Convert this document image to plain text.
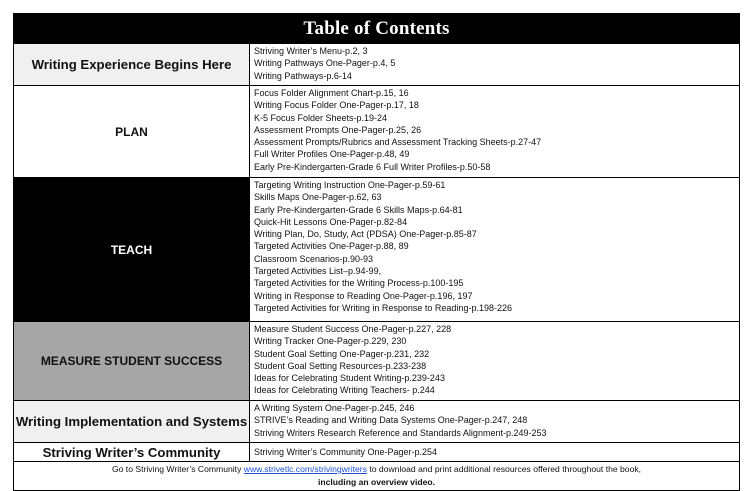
Table of Contents
Writing Experience Begins Here
Striving Writer’s Menu-p.2, 3
Writing Pathways One-Pager-p.4, 5
Writing Pathways-p.6-14
PLAN
Focus Folder Alignment Chart-p.15, 16
Writing Focus Folder One-Pager-p.17, 18
K-5 Focus Folder Sheets-p.19-24
Assessment Prompts One-Pager-p.25, 26
Assessment Prompts/Rubrics and Assessment Tracking Sheets-p.27-47
Full Writer Profiles One-Pager-p.48, 49
Early Pre-Kindergarten-Grade 6 Full Writer Profiles-p.50-58
TEACH
Targeting Writing Instruction One-Pager-p.59-61
Skills Maps One-Pager-p.62, 63
Early Pre-Kindergarten-Grade 6 Skills Maps-p.64-81
Quick-Hit Lessons One-Pager-p.82-84
Writing Plan, Do, Study, Act (PDSA) One-Pager-p.85-87
Targeted Activities One-Pager-p.88, 89
Classroom Scenarios-p.90-93
Targeted Activities List–p.94-99,
Targeted Activities for the Writing Process-p.100-195
Writing in Response to Reading One-Pager-p.196, 197
Targeted Activities for Writing in Response to Reading-p.198-226
MEASURE STUDENT SUCCESS
Measure Student Success One-Pager-p.227, 228
Writing Tracker One-Pager-p.229, 230
Student Goal Setting One-Pager-p.231, 232
Student Goal Setting Resources-p.233-238
Ideas for Celebrating Student Writing-p.239-243
Ideas for Celebrating Writing Teachers- p.244
Writing Implementation and Systems
A Writing System One-Pager-p.245, 246
STRIVE’s Reading and Writing Data Systems One-Pager-p.247, 248
Striving Writers Research Reference and Standards Alignment-p.249-253
Striving Writer’s Community	Striving Writer’s Community One-Pager-p.254
Go to Striving Writer’s Community www.strivetlc.com/strivingwriters to download and print additional resources offered throughout the book,
including an overview video.
